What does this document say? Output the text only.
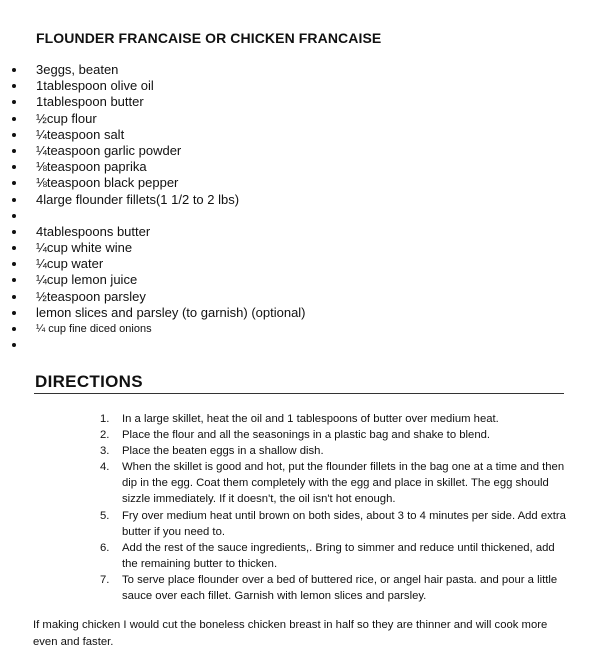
FLOUNDER FRANCAISE OR CHICKEN FRANCAISE
3eggs, beaten
1tablespoon olive oil
1tablespoon butter
½cup flour
¼teaspoon salt
¼teaspoon garlic powder
⅛teaspoon paprika
⅛teaspoon black pepper
4large flounder fillets(1 1/2 to 2 lbs)
4tablespoons butter
¼cup white wine
¼cup water
¼cup lemon juice
½teaspoon parsley
lemon slices and parsley (to garnish) (optional)
¼ cup fine diced onions
DIRECTIONS
1. In a large skillet, heat the oil and 1 tablespoons of butter over medium heat.
2. Place the flour and all the seasonings in a plastic bag and shake to blend.
3. Place the beaten eggs in a shallow dish.
4. When the skillet is good and hot, put the flounder fillets in the bag one at a time and then dip in the egg. Coat them completely with the egg and place in skillet. The egg should sizzle immediately. If it doesn't, the oil isn't hot enough.
5. Fry over medium heat until brown on both sides, about 3 to 4 minutes per side. Add extra butter if you need to.
6. Add the rest of the sauce ingredients,. Bring to simmer and reduce until thickened, add the remaining butter to thicken.
7. To serve place flounder over a bed of buttered rice, or angel hair pasta. and pour a little sauce over each fillet. Garnish with lemon slices and parsley.
If making chicken I would cut the boneless chicken breast in half so they are thinner and will cook more even and faster.
